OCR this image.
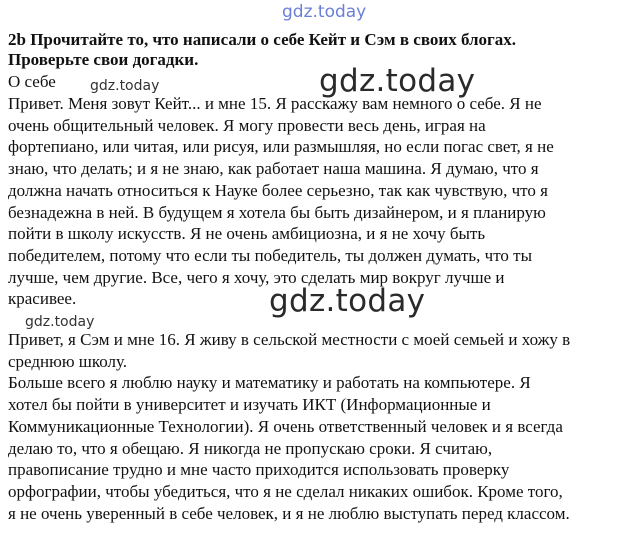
gdz.today

2b Прочитайте то, что написали о себе Кейт и Сэм в своих блогах.
Проверьте свои догадки.

О себе

Привет. Меня зовут Кейт... и мне 15. Я расскажу вам немного о себе. Я не
очень общительный человек. Я могу провести весь день, играя на
фортепиано, или читая, или рисуя, или размышляя, но если погас свет, я не
знаю, что делать; и я не знаю, как работает наша машина. Я думаю, что я
должна начать относиться к Науке более серьезно, так как чувствую, что я
безнадежна в ней. В будущем я хотела бы быть дизайнером, и я планирую
пойти в школу искусств. Я не очень амбициозна, и я не хочу быть
победителем, потому что если ты победитель, ты должен думать, что ты
лучше, чем другие. Все, чего я хочу, это сделать мир вокруг лучше и
красивее.

Привет, я Сэм и мне 16. Я живу в сельской местности с моей семьей и хожу в
среднюю школу.
Больше всего я люблю науку и математику и работать на компьютере. Я
хотел бы пойти в университет и изучать ИКТ (Информационные и
Коммуникационные Технологии). Я очень ответственный человек и я всегда
делаю то, что я обещаю. Я никогда не пропускаю сроки. Я считаю,
правописание трудно и мне часто приходится использовать проверку
орфографии, чтобы убедиться, что я не сделал никаких ошибок. Кроме того,
я не очень уверенный в себе человек, и я не люблю выступать перед классом.

gdz.today
gdz.today
gdz.today
gdz.today
